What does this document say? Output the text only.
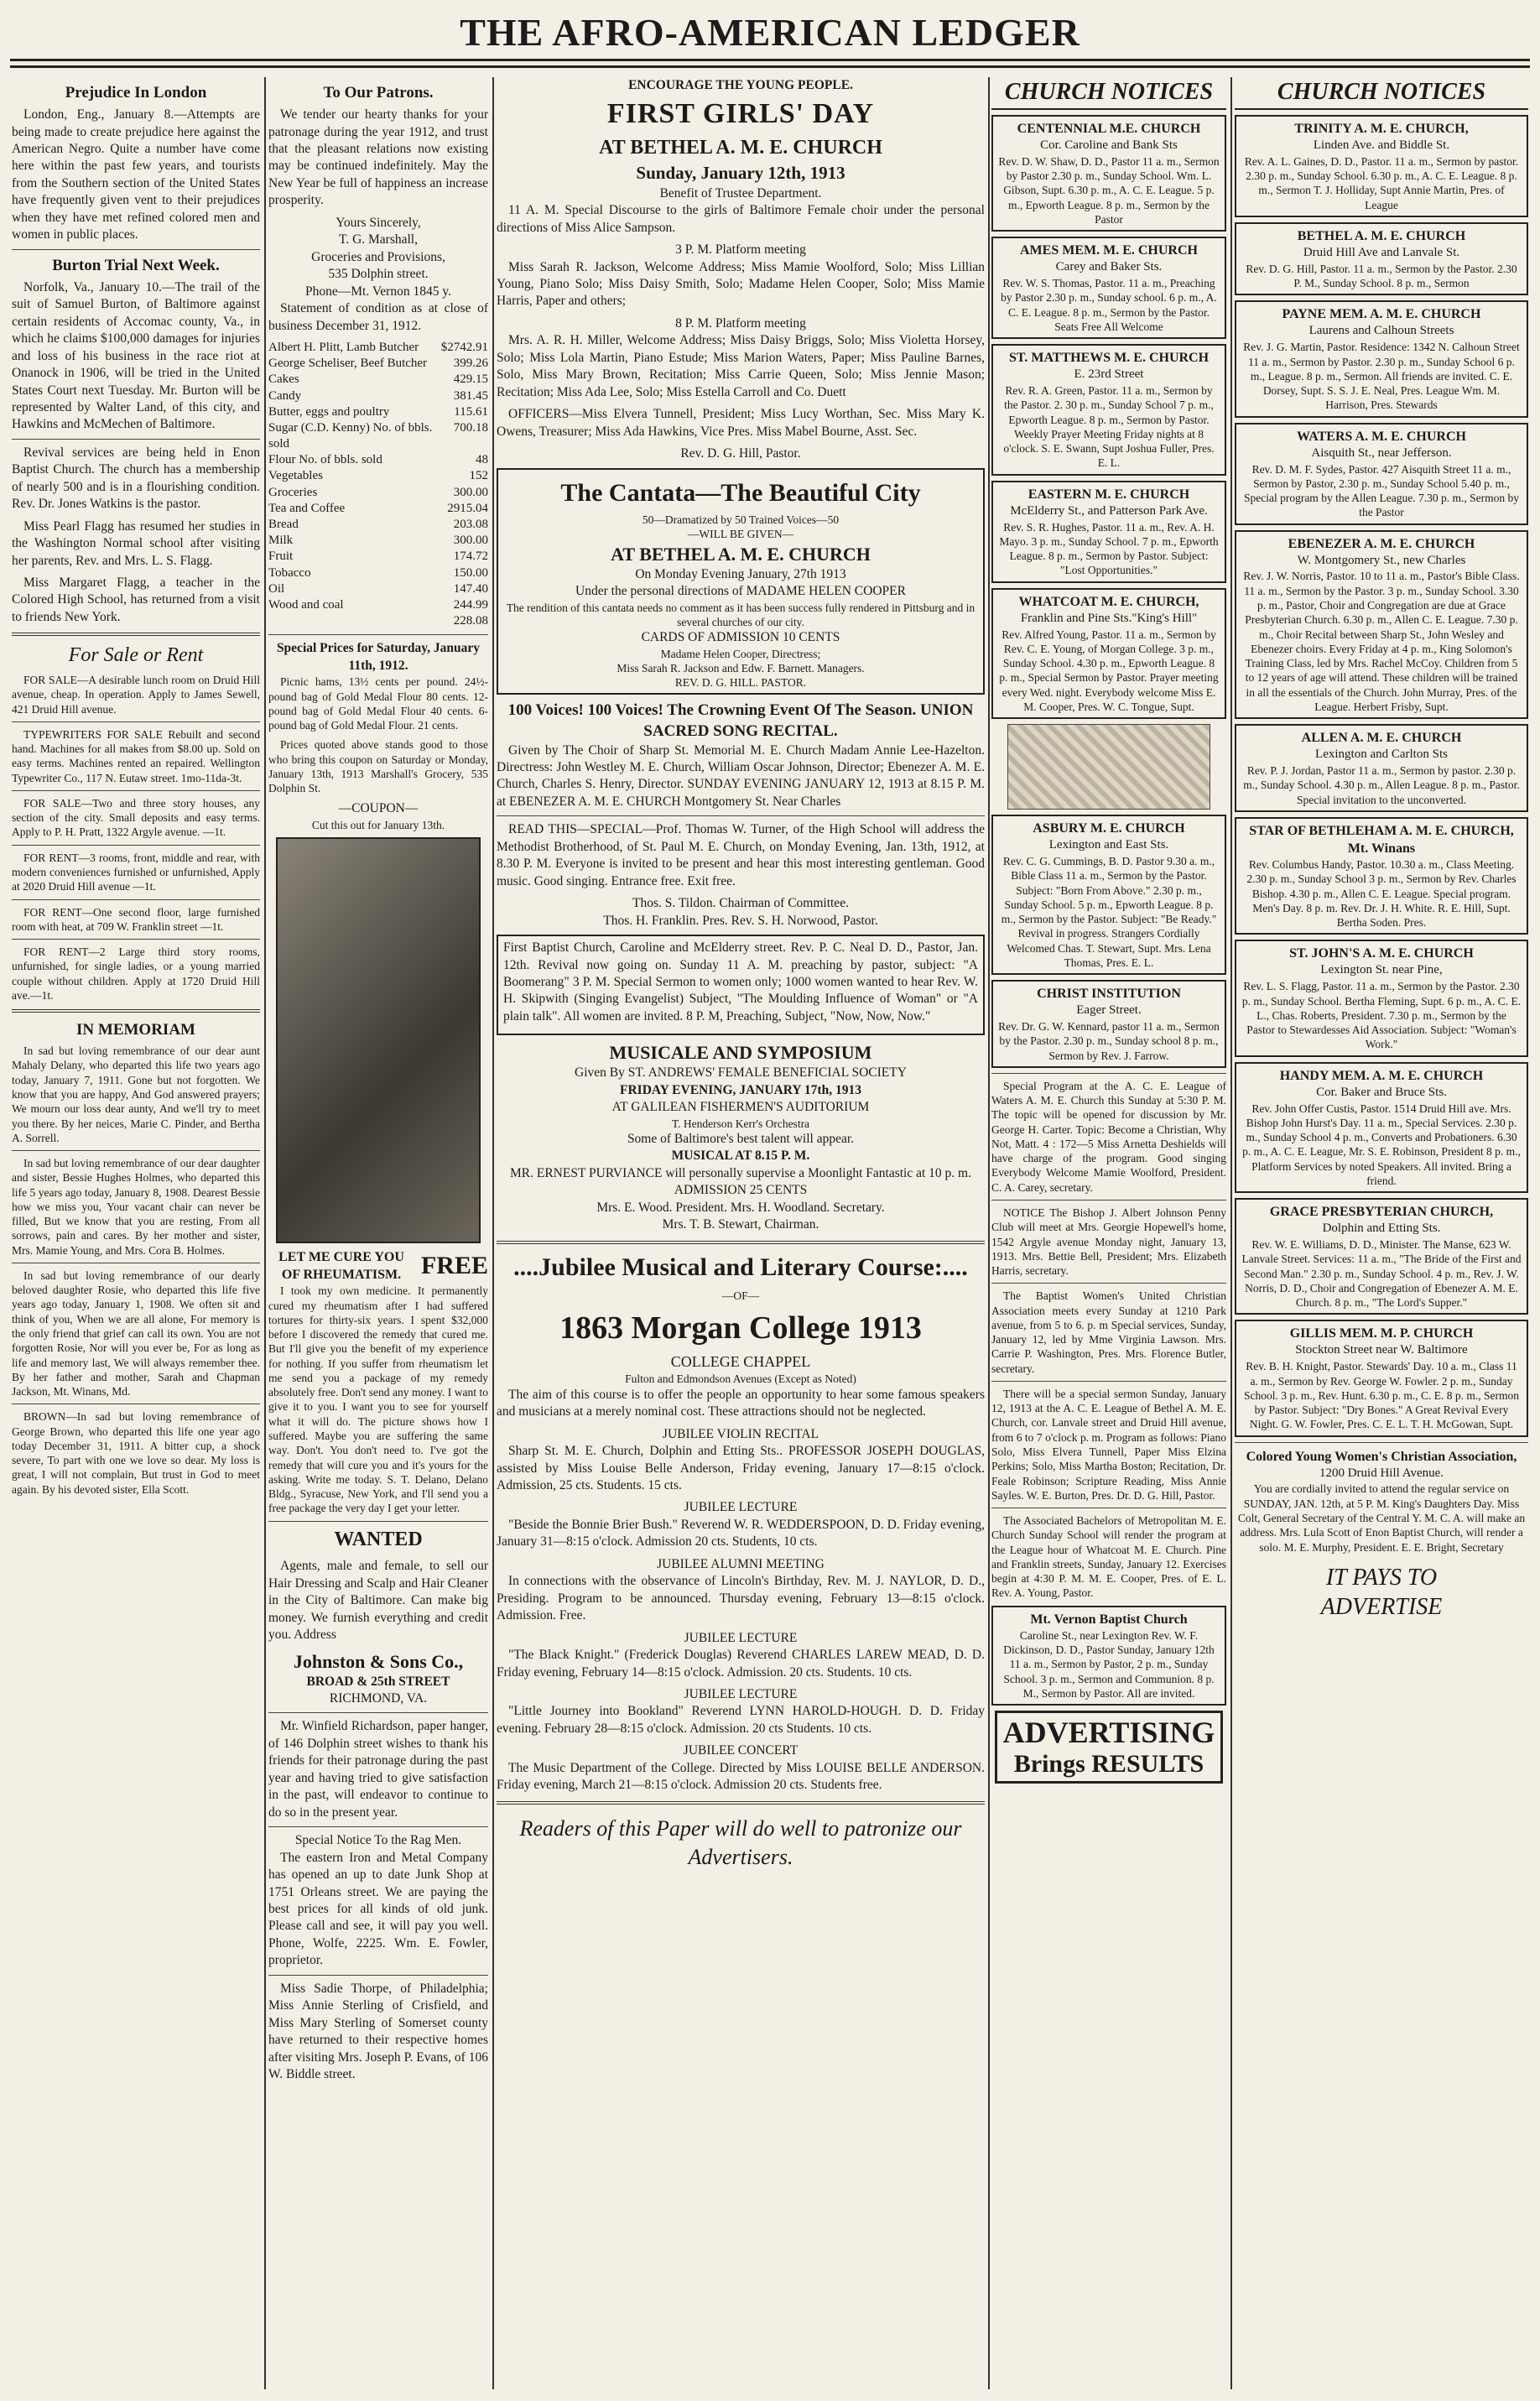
THE AFRO-AMERICAN LEDGER
Prejudice In London

London, Eng., January 8.—Attempts are being made to create prejudice here against the American Negro. Quite a number have come here within the past few years, and tourists from the Southern section of the United States have frequently given vent to their prejudices when they have met refined colored men and women in public places.

Burton Trial Next Week.

Norfolk, Va., January 10.—The trail of the suit of Samuel Burton, of Baltimore against certain residents of Accomac county, Va., in which he claims $100,000 damages for injuries and loss of his business in the race riot at Onanock in 1906, will be tried in the United States Court next Tuesday. Mr. Burton will be represented by Walter Land, of this city, and Hawkins and McMechen of Baltimore.

Revival services are being held in Enon Baptist Church. The church has a membership of nearly 500 and is in a flourishing condition. Rev. Dr. Jones Watkins is the pastor.

Miss Pearl Flagg has resumed her studies in the Washington Normal school after visiting her parents, Rev. and Mrs. L. S. Flagg.

Miss Margaret Flagg, a teacher in the Colored High School, has returned from a visit to friends New York.

For Sale or Rent

FOR SALE—A desirable lunch room on Druid Hill avenue, cheap. In operation. Apply to James Sewell, 421 Druid Hill avenue.

TYPEWRITERS FOR SALE Rebuilt and second hand. Machines for all makes from $8.00 up. Sold on easy terms. Machines rented an repaired. Wellington Typewriter Co., 117 N. Eutaw street. 1mo-11da-3t.

FOR SALE—Two and three story houses, any section of the city. Small deposits and easy terms. Apply to P. H. Pratt, 1322 Argyle avenue. —1t.

FOR RENT—3 rooms, front, middle and rear, with modern conveniences furnished or unfurnished, Apply at 2020 Druid Hill avenue —1t.

FOR RENT—One second floor, large furnished room with heat, at 709 W. Franklin street —1t.

FOR RENT—2 Large third story rooms, unfurnished, for single ladies, or a young married couple without children. Apply at 1720 Druid Hill ave.—1t.

IN MEMORIAM

In sad but loving remembrance of our dear aunt Mahaly Delany, who departed this life two years ago today, January 7, 1911. Gone but not forgotten. We know that you are happy, And God answered prayers; We mourn our loss dear aunty, And we'll try to meet you there. By her neices, Marie C. Pinder, and Bertha A. Sorrell.

In sad but loving remembrance of our dear daughter and sister, Bessie Hughes Holmes, who departed this life 5 years ago today, January 8, 1908. Dearest Bessie how we miss you, Your vacant chair can never be filled, But we know that you are resting, From all sorrows, pain and cares. By her mother and sister, Mrs. Mamie Young, and Mrs. Cora B. Holmes.

In sad but loving remembrance of our dearly beloved daughter Rosie, who departed this life five years ago today, January 1, 1908. We often sit and think of you, When we are all alone, For memory is the only friend that grief can call its own. You are not forgotten Rosie, Nor will you ever be, For as long as life and memory last, We will always remember thee. By her father and mother, Sarah and Chapman Jackson, Mt. Winans, Md.

BROWN—In sad but loving remembrance of George Brown, who departed this life one year ago today December 31, 1911. A bitter cup, a shock severe, To part with one we love so dear. My loss is great, I will not complain, But trust in God to meet again. By his devoted sister, Ella Scott.

To Our Patrons.

We tender our hearty thanks for your patronage during the year 1912, and trust that the pleasant relations now existing may be continued indefinitely. May the New Year be full of happiness an increase prosperity.

Yours Sincerely,
T. G. Marshall,
Groceries and Provisions,
535 Dolphin street.
Phone—Mt. Vernon 1845 y.

Statement of condition as at close of business December 31, 1912.

Albert H. Plitt, Lamb Butcher $2742.91
George Scheliser, Beef Butcher 399.26
Cakes	429.15
Candy	381.45
Butter, eggs and poultry	115.61
Sugar (C.D. Kenny) No. of bbls. sold
700.18
Flour No. of bbls. sold	48
Vegetables	152
Groceries	300.00
Tea and Coffee	2915.04
Bread	203.08
Milk	300.00
Fruit	174.72
Tobacco	150.00
Oil	147.40
Wood and coal	244.99
228.08
Special Prices for Saturday, January 11th, 1912.

Picnic hams, 13½ cents per pound. 24½-pound bag of Gold Medal Flour 80 cents. 12-pound bag of Gold Medal Flour 40 cents. 6-pound bag of Gold Medal Flour. 21 cents.

Prices quoted above stands good to those who bring this coupon on Saturday or Monday, January 13th, 1913 Marshall's Grocery, 535 Dolphin St.

—COUPON—
Cut this out for January 13th.
LET ME CURE YOU OF RHEUMATISM. FREE

I took my own medicine. It permanently cured my rheumatism after I had suffered tortures for thirty-six years. I spent $32,000 before I discovered the remedy that cured me. But I'll give you the benefit of my experience for nothing. If you suffer from rheumatism let me send you a package of my remedy absolutely free. Don't send any money. I want to give it to you. I want you to see for yourself what it will do. The picture shows how I suffered. Maybe you are suffering the same way. Don't. You don't need to. I've got the remedy that will cure you and it's yours for the asking. Write me today. S. T. Delano, Delano Bldg., Syracuse, New York, and I'll send you a free package the very day I get your letter.

WANTED

Agents, male and female, to sell our Hair Dressing and Scalp and Hair Cleaner in the City of Baltimore. Can make big money. We furnish everything and credit you. Address

Johnston & Sons Co.,
BROAD & 25th STREET
RICHMOND, VA.

Mr. Winfield Richardson, paper hanger, of 146 Dolphin street wishes to thank his friends for their patronage during the past year and having tried to give satisfaction in the past, will endeavor to continue to do so in the present year.

Special Notice To the Rag Men.

The eastern Iron and Metal Company has opened an up to date Junk Shop at 1751 Orleans street. We are paying the best prices for all kinds of old junk. Please call and see, it will pay you well. Phone, Wolfe, 2225. Wm. E. Fowler, proprietor.

Miss Sadie Thorpe, of Philadelphia; Miss Annie Sterling of Crisfield, and Miss Mary Sterling of Somerset county have returned to their respective homes after visiting Mrs. Joseph P. Evans, of 106 W. Biddle street.

ENCOURAGE THE YOUNG PEOPLE.
FIRST GIRLS' DAY
AT BETHEL A. M. E. CHURCH
Sunday, January 12th, 1913
Benefit of Trustee Department.

11 A. M. Special Discourse to the girls of Baltimore Female choir under the personal directions of Miss Alice Sampson.

3 P. M. Platform meeting

Miss Sarah R. Jackson, Welcome Address; Miss Mamie Woolford, Solo; Miss Lillian Young, Piano Solo; Miss Daisy Smith, Solo; Madame Helen Cooper, Solo; Miss Mamie Harris, Paper and others;

8 P. M. Platform meeting

Mrs. A. R. H. Miller, Welcome Address; Miss Daisy Briggs, Solo; Miss Violetta Horsey, Solo; Miss Lola Martin, Piano Estude; Miss Marion Waters, Paper; Miss Pauline Barnes, Solo, Miss Mary Brown, Recitation; Miss Carrie Queen, Solo; Miss Jennie Mason; Recitation; Miss Ada Lee, Solo; Miss Estella Carroll and Co. Duett

OFFICERS—Miss Elvera Tunnell, President; Miss Lucy Worthan, Sec. Miss Mary K. Owens, Treasurer; Miss Ada Hawkins, Vice Pres. Miss Mabel Bourne, Asst. Sec.

Rev. D. G. Hill, Pastor.
The Cantata—The Beautiful City
50—Dramatized by 50 Trained Voices—50
—WILL BE GIVEN—
AT BETHEL A. M. E. CHURCH
On Monday Evening January, 27th 1913
Under the personal directions of MADAME HELEN COOPER
The rendition of this cantata needs no comment as it has been success fully rendered in Pittsburg and in several churches of our city.
CARDS OF ADMISSION 10 CENTS
Madame Helen Cooper, Directress;
Miss Sarah R. Jackson and Edw. F. Barnett. Managers.
REV. D. G. HILL. PASTOR.
100 Voices! 100 Voices! The Crowning Event Of The Season. UNION SACRED SONG RECITAL.

Given by The Choir of Sharp St. Memorial M. E. Church Madam Annie Lee-Hazelton. Directress: John Westley M. E. Church, William Oscar Johnson, Director; Ebenezer A. M. E. Church, Charles S. Henry, Director. SUNDAY EVENING JANUARY 12, 1913 at 8.15 P. M. at EBENEZER A. M. E. CHURCH Montgomery St. Near Charles

READ THIS—SPECIAL—Prof. Thomas W. Turner, of the High School will address the Methodist Brotherhood, of St. Paul M. E. Church, on Monday Evening, Jan. 13th, 1912, at 8.30 P. M. Everyone is invited to be present and hear this most interesting gentleman. Good music. Good singing. Entrance free. Exit free.

Thos. S. Tildon. Chairman of Committee.
Thos. H. Franklin. Pres. Rev. S. H. Norwood, Pastor.

First Baptist Church, Caroline and McElderry street. Rev. P. C. Neal D. D., Pastor, Jan. 12th. Revival now going on. Sunday 11 A. M. preaching by pastor, subject: "A Boomerang" 3 P. M. Special Sermon to women only; 1000 women wanted to hear Rev. W. H. Skipwith (Singing Evangelist) Subject, "The Moulding Influence of Woman" or "A plain talk". All women are invited. 8 P. M, Preaching, Subject, "Now, Now, Now."

MUSICALE AND SYMPOSIUM
Given By ST. ANDREWS' FEMALE BENEFICIAL SOCIETY
FRIDAY EVENING, JANUARY 17th, 1913
AT GALILEAN FISHERMEN'S AUDITORIUM
T. Henderson Kerr's Orchestra
Some of Baltimore's best talent will appear.
MUSICAL AT 8.15 P. M.
MR. ERNEST PURVIANCE will personally supervise a Moonlight Fantastic at 10 p. m.
ADMISSION 25 CENTS
Mrs. E. Wood. President. Mrs. H. Woodland. Secretary.
Mrs. T. B. Stewart, Chairman.
....Jubilee Musical and Literary Course:....
—OF—
1863 Morgan College 1913
COLLEGE CHAPPEL
Fulton and Edmondson Avenues (Except as Noted)

The aim of this course is to offer the people an opportunity to hear some famous speakers and musicians at a merely nominal cost. These attractions should not be neglected.

JUBILEE VIOLIN RECITAL

Sharp St. M. E. Church, Dolphin and Etting Sts.. PROFESSOR JOSEPH DOUGLAS, assisted by Miss Louise Belle Anderson, Friday evening, January 17—8:15 o'clock. Admission, 25 cts. Students. 15 cts.

JUBILEE LECTURE

"Beside the Bonnie Brier Bush." Reverend W. R. WEDDERSPOON, D. D. Friday evening, January 31—8:15 o'clock. Admission 20 cts. Students, 10 cts.

JUBILEE ALUMNI MEETING

In connections with the observance of Lincoln's Birthday, Rev. M. J. NAYLOR, D. D., Presiding. Program to be announced. Thursday evening, February 13—8:15 o'clock. Admission. Free.

JUBILEE LECTURE

"The Black Knight." (Frederick Douglas) Reverend CHARLES LAREW MEAD, D. D. Friday evening, February 14—8:15 o'clock. Admission. 20 cts. Students. 10 cts.

JUBILEE LECTURE

"Little Journey into Bookland" Reverend LYNN HAROLD-HOUGH. D. D. Friday evening. February 28—8:15 o'clock. Admission. 20 cts Students. 10 cts.

JUBILEE CONCERT

The Music Department of the College. Directed by Miss LOUISE BELLE ANDERSON. Friday evening, March 21—8:15 o'clock. Admission 20 cts. Students free.

Readers of this Paper will do well to patronize our Advertisers.
CHURCH NOTICES
CENTENNIAL M.E. CHURCH
Cor. Caroline and Bank Sts
Rev. D. W. Shaw, D. D., Pastor 11 a. m., Sermon by Pastor 2.30 p. m., Sunday School. Wm. L. Gibson, Supt. 6.30 p. m., A. C. E. League. 5 p. m., Epworth League. 8 p. m., Sermon by the Pastor
AMES MEM. M. E. CHURCH
Carey and Baker Sts.
Rev. W. S. Thomas, Pastor. 11 a. m., Preaching by Pastor 2.30 p. m., Sunday school. 6 p. m., A. C. E. League. 8 p. m., Sermon by the Pastor. Seats Free All Welcome
ST. MATTHEWS M. E. CHURCH
E. 23rd Street
Rev. R. A. Green, Pastor. 11 a. m., Sermon by the Pastor. 2. 30 p. m., Sunday School 7 p. m., Epworth League. 8 p. m., Sermon by Pastor. Weekly Prayer Meeting Friday nights at 8 o'clock. S. E. Swann, Supt Joshua Fuller, Pres. E. L.
EASTERN M. E. CHURCH
McElderry St., and Patterson Park Ave.
Rev. S. R. Hughes, Pastor. 11 a. m., Rev. A. H. Mayo. 3 p. m., Sunday School. 7 p. m., Epworth League. 8 p. m., Sermon by Pastor. Subject: "Lost Opportunities."
WHATCOAT M. E. CHURCH,
Franklin and Pine Sts."King's Hill"
Rev. Alfred Young, Pastor. 11 a. m., Sermon by Rev. C. E. Young, of Morgan College. 3 p. m., Sunday School. 4.30 p. m., Epworth League. 8 p. m., Special Sermon by Pastor. Prayer meeting every Wed. night. Everybody welcome Miss E. M. Cooper, Pres. W. C. Tongue, Supt.
ASBURY M. E. CHURCH
Lexington and East Sts.
Rev. C. G. Cummings, B. D. Pastor 9.30 a. m., Bible Class 11 a. m., Sermon by the Pastor. Subject: "Born From Above." 2.30 p. m., Sunday School. 5 p. m., Epworth League. 8 p. m., Sermon by the Pastor. Subject: "Be Ready." Revival in progress. Strangers Cordially Welcomed Chas. T. Stewart, Supt. Mrs. Lena Thomas, Pres. E. L.
CHRIST INSTITUTION
Eager Street.
Rev. Dr. G. W. Kennard, pastor 11 a. m., Sermon by the Pastor. 2.30 p. m., Sunday school 8 p. m., Sermon by Rev. J. Farrow.

Special Program at the A. C. E. League of Waters A. M. E. Church this Sunday at 5:30 P. M. The topic will be opened for discussion by Mr. George H. Carter. Topic: Become a Christian, Why Not, Matt. 4 : 172—5 Miss Arnetta Deshields will have charge of the program. Good singing Everybody Welcome Mamie Woolford, President. C. A. Carey, secretary.

NOTICE The Bishop J. Albert Johnson Penny Club will meet at Mrs. Georgie Hopewell's home, 1542 Argyle avenue Monday night, January 13, 1913. Mrs. Bettie Bell, President; Mrs. Elizabeth Harris, secretary.

The Baptist Women's United Christian Association meets every Sunday at 1210 Park avenue, from 5 to 6. p. m Special services, Sunday, January 12, led by Mme Virginia Lawson. Mrs. Carrie P. Washington, Pres. Mrs. Florence Butler, secretary.

There will be a special sermon Sunday, January 12, 1913 at the A. C. E. League of Bethel A. M. E. Church, cor. Lanvale street and Druid Hill avenue, from 6 to 7 o'clock p. m. Program as follows: Piano Solo, Miss Elvera Tunnell, Paper Miss Elzina Perkins; Solo, Miss Martha Boston; Recitation, Dr. Feale Robinson; Scripture Reading, Miss Annie Sayles. W. E. Burton, Pres. Dr. D. G. Hill, Pastor.

The Associated Bachelors of Metropolitan M. E. Church Sunday School will render the program at the League hour of Whatcoat M. E. Church. Pine and Franklin streets, Sunday, January 12. Exercises begin at 4:30 P. M. M. E. Cooper, Pres. of E. L. Rev. A. Young, Pastor.

Mt. Vernon Baptist Church
Caroline St., near Lexington Rev. W. F. Dickinson, D. D., Pastor Sunday, January 12th 11 a. m., Sermon by Pastor, 2 p. m., Sunday School. 3 p. m., Sermon and Communion. 8 p. M., Sermon by Pastor. All are invited.
ADVERTISING
Brings RESULTS
CHURCH NOTICES
TRINITY A. M. E. CHURCH,
Linden Ave. and Biddle St.
Rev. A. L. Gaines, D. D., Pastor. 11 a. m., Sermon by pastor. 2.30 p. m., Sunday School. 6.30 p. m., A. C. E. League. 8 p. m., Sermon T. J. Holliday, Supt Annie Martin, Pres. of League
BETHEL A. M. E. CHURCH
Druid Hill Ave and Lanvale St.
Rev. D. G. Hill, Pastor. 11 a. m., Sermon by the Pastor. 2.30 P. M., Sunday School. 8 p. m., Sermon
PAYNE MEM. A. M. E. CHURCH
Laurens and Calhoun Streets
Rev. J. G. Martin, Pastor. Residence: 1342 N. Calhoun Street 11 a. m., Sermon by Pastor. 2.30 p. m., Sunday School 6 p. m., League. 8 p. m., Sermon. All friends are invited. C. E. Dorsey, Supt. S. S. J. E. Neal, Pres. League Wm. M. Harrison, Pres. Stewards
WATERS A. M. E. CHURCH
Aisquith St., near Jefferson.
Rev. D. M. F. Sydes, Pastor. 427 Aisquith Street 11 a. m., Sermon by Pastor, 2.30 p. m., Sunday School 5.40 p. m., Special program by the Allen League. 7.30 p. m., Sermon by the Pastor
EBENEZER A. M. E. CHURCH
W. Montgomery St., new Charles
Rev. J. W. Norris, Pastor. 10 to 11 a. m., Pastor's Bible Class. 11 a. m., Sermon by the Pastor. 3 p. m., Sunday School. 3.30 p. m., Pastor, Choir and Congregation are due at Grace Presbyterian Church. 6.30 p. m., Allen C. E. League. 7.30 p. m., Choir Recital between Sharp St., John Wesley and Ebenezer choirs. Every Friday at 4 p. m., King Solomon's Training Class, led by Mrs. Rachel McCoy. Children from 5 to 12 years of age will attend. These children will be trained in all the essentials of the Church. John Murray, Pres. of the League. Herbert Frisby, Supt.
ALLEN A. M. E. CHURCH
Lexington and Carlton Sts
Rev. P. J. Jordan, Pastor 11 a. m., Sermon by pastor. 2.30 p. m., Sunday School. 4.30 p. m., Allen League. 8 p. m., Pastor. Special invitation to the unconverted.
STAR OF BETHLEHAM A. M. E. CHURCH, Mt. Winans
Rev. Columbus Handy, Pastor. 10.30 a. m., Class Meeting. 2.30 p. m., Sunday School 3 p. m., Sermon by Rev. Charles Bishop. 4.30 p. m., Allen C. E. League. Special program. Men's Day. 8 p. m. Rev. Dr. J. H. White. R. E. Hill, Supt. Bertha Soden. Pres.
ST. JOHN'S A. M. E. CHURCH
Lexington St. near Pine,
Rev. L. S. Flagg, Pastor. 11 a. m., Sermon by the Pastor. 2.30 p. m., Sunday School. Bertha Fleming, Supt. 6 p. m., A. C. E. L., Chas. Roberts, President. 7.30 p. m., Sermon by the Pastor to Stewardesses Aid Association. Subject: "Woman's Work."
HANDY MEM. A. M. E. CHURCH
Cor. Baker and Bruce Sts.
Rev. John Offer Custis, Pastor. 1514 Druid Hill ave. Mrs. Bishop John Hurst's Day. 11 a. m., Special Services. 2.30 p. m., Sunday School 4 p. m., Converts and Probationers. 6.30 p. m., A. C. E. League, Mr. S. E. Robinson, President 8 p. m., Platform Services by noted Speakers. All invited. Bring a friend.
GRACE PRESBYTERIAN CHURCH,
Dolphin and Etting Sts.
Rev. W. E. Williams, D. D., Minister. The Manse, 623 W. Lanvale Street. Services: 11 a. m., "The Bride of the First and Second Man." 2.30 p. m., Sunday School. 4 p. m., Rev. J. W. Norris, D. D., Choir and Congregation of Ebenezer A. M. E. Church. 8 p. m., "The Lord's Supper."
GILLIS MEM. M. P. CHURCH
Stockton Street near W. Baltimore
Rev. B. H. Knight, Pastor. Stewards' Day. 10 a. m., Class 11 a. m., Sermon by Rev. George W. Fowler. 2 p. m., Sunday School. 3 p. m., Rev. Hunt. 6.30 p. m., C. E. 8 p. m., Sermon by Pastor. Subject: "Dry Bones." A Great Revival Every Night. G. W. Fowler, Pres. C. E. L. T. H. McGowan, Supt.
Colored Young Women's Christian Association,
1200 Druid Hill Avenue.
You are cordially invited to attend the regular service on SUNDAY, JAN. 12th, at 5 P. M. King's Daughters Day. Miss Colt, General Secretary of the Central Y. M. C. A. will make an address. Mrs. Lula Scott of Enon Baptist Church, will render a solo. M. E. Murphy, President. E. E. Bright, Secretary
IT PAYS TO
ADVERTISE
